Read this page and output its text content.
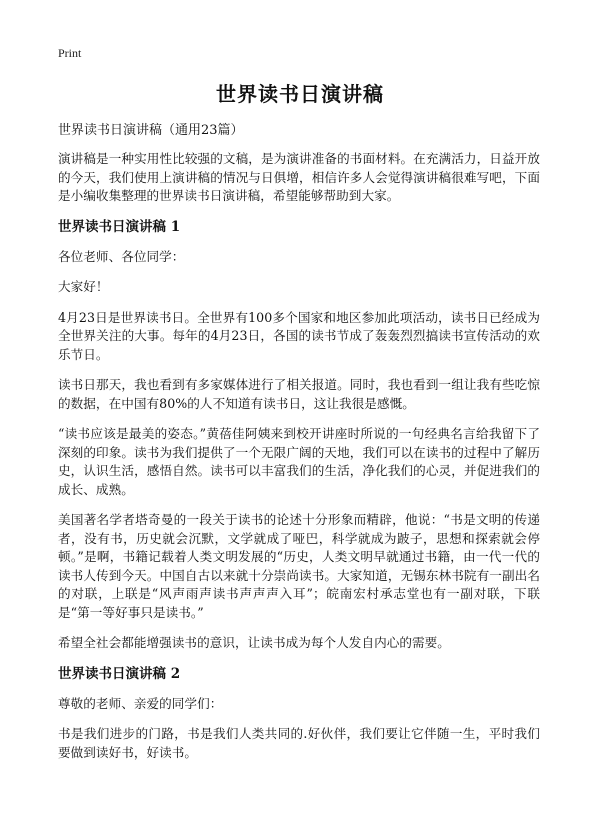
Print
世界读书日演讲稿
世界读书日演讲稿（通用23篇）

演讲稿是一种实用性比较强的文稿，是为演讲准备的书面材料。在充满活力，日益开放的今天，我们使用上演讲稿的情况与日俱增，相信许多人会觉得演讲稿很难写吧，下面是小编收集整理的世界读书日演讲稿，希望能够帮助到大家。

世界读书日演讲稿 1

各位老师、各位同学：

大家好！

4月23日是世界读书日。全世界有100多个国家和地区参加此项活动，读书日已经成为全世界关注的大事。每年的4月23日，各国的读书节成了轰轰烈烈搞读书宣传活动的欢乐节日。

读书日那天，我也看到有多家媒体进行了相关报道。同时，我也看到一组让我有些吃惊的数据，在中国有80%的人不知道有读书日，这让我很是感慨。

“读书应该是最美的姿态。”黄蓓佳阿姨来到校开讲座时所说的一句经典名言给我留下了深刻的印象。读书为我们提供了一个无限广阔的天地，我们可以在读书的过程中了解历史，认识生活，感悟自然。读书可以丰富我们的生活，净化我们的心灵，并促进我们的成长、成熟。

美国著名学者塔奇曼的一段关于读书的论述十分形象而精辟，他说：“书是文明的传递者，没有书，历史就会沉默，文学就成了哑巴，科学就成为跛子，思想和探索就会停顿。”是啊，书籍记载着人类文明发展的“历史，人类文明早就通过书籍，由一代一代的读书人传到今天。中国自古以来就十分崇尚读书。大家知道，无锡东林书院有一副出名的对联，上联是“风声雨声读书声声声入耳”；皖南宏村承志堂也有一副对联，下联是“第一等好事只是读书。”

希望全社会都能增强读书的意识，让读书成为每个人发自内心的需要。

世界读书日演讲稿 2

尊敬的老师、亲爱的同学们：

书是我们进步的门路，书是我们人类共同的.好伙伴，我们要让它伴随一生，平时我们要做到读好书，好读书。
